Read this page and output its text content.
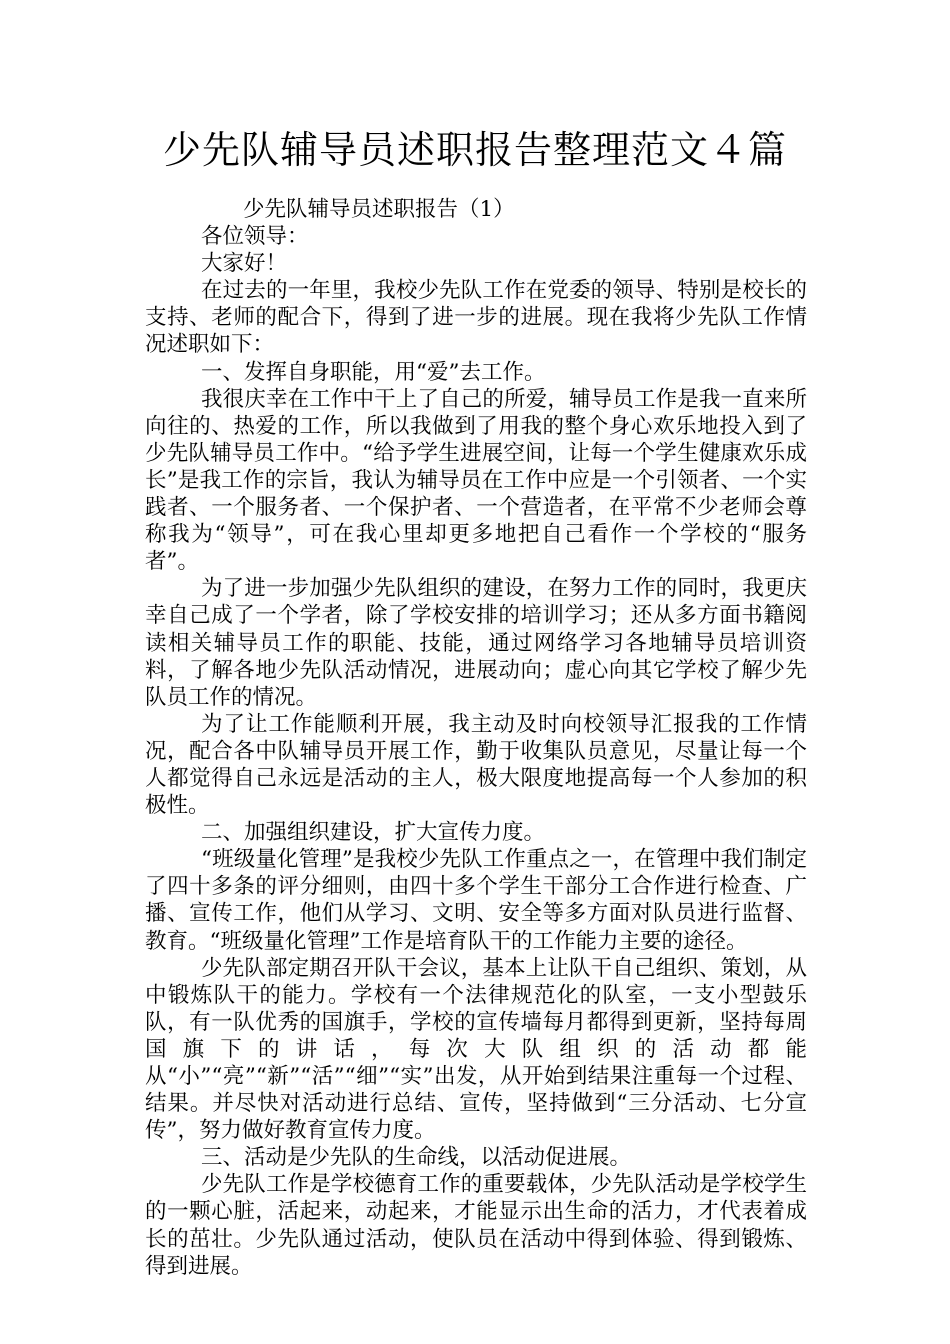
少先队辅导员述职报告整理范文４篇

少先队辅导员述职报告（1）

各位领导：

大家好！

在过去的一年里，我校少先队工作在党委的领导、特别是校长的支持、老师的配合下，得到了进一步的进展。现在我将少先队工作情况述职如下：

一、发挥自身职能，用“爱”去工作。

我很庆幸在工作中干上了自己的所爱，辅导员工作是我一直来所向往的、热爱的工作，所以我做到了用我的整个身心欢乐地投入到了少先队辅导员工作中。“给予学生进展空间，让每一个学生健康欢乐成长”是我工作的宗旨，我认为辅导员在工作中应是一个引领者、一个实践者、一个服务者、一个保护者、一个营造者，在平常不少老师会尊称我为“领导”，可在我心里却更多地把自己看作一个学校的“服务者”。

为了进一步加强少先队组织的建设，在努力工作的同时，我更庆幸自己成了一个学者，除了学校安排的培训学习；还从多方面书籍阅读相关辅导员工作的职能、技能，通过网络学习各地辅导员培训资料，了解各地少先队活动情况，进展动向；虚心向其它学校了解少先队员工作的情况。

为了让工作能顺利开展，我主动及时向校领导汇报我的工作情况，配合各中队辅导员开展工作，勤于收集队员意见，尽量让每一个人都觉得自己永远是活动的主人，极大限度地提高每一个人参加的积极性。

二、加强组织建设，扩大宣传力度。

“班级量化管理”是我校少先队工作重点之一，在管理中我们制定了四十多条的评分细则，由四十多个学生干部分工合作进行检查、广播、宣传工作，他们从学习、文明、安全等多方面对队员进行监督、教育。“班级量化管理”工作是培育队干的工作能力主要的途径。

少先队部定期召开队干会议，基本上让队干自己组织、策划，从中锻炼队干的能力。学校有一个法律规范化的队室，一支小型鼓乐队，有一队优秀的国旗手，学校的宣传墙每月都得到更新，坚持每周国旗下的讲话，每次大队组织的活动都能从“小”“亮”“新”“活”“细”“实”出发，从开始到结果注重每一个过程、结果。并尽快对活动进行总结、宣传，坚持做到“三分活动、七分宣传”，努力做好教育宣传力度。

三、活动是少先队的生命线，以活动促进展。

少先队工作是学校德育工作的重要载体，少先队活动是学校学生的一颗心脏，活起来，动起来，才能显示出生命的活力，才代表着成长的茁壮。少先队通过活动，使队员在活动中得到体验、得到锻炼、得到进展。
